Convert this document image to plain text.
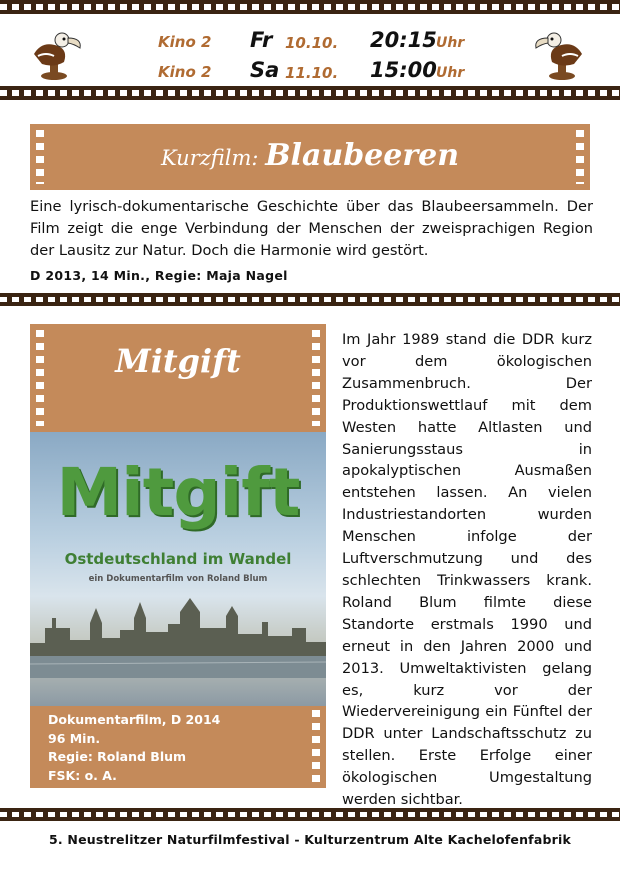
Kino 2 Fr 10.10. 20:15 Uhr
Kino 2 Sa 11.10. 15:00 Uhr
Kurzfilm: Blaubeeren
Eine lyrisch-dokumentarische Geschichte über das Blaubeersammeln. Der Film zeigt die enge Verbindung der Menschen der zweisprachigen Region der Lausitz zur Natur. Doch die Harmonie wird gestört.
D 2013, 14 Min., Regie: Maja Nagel
Mitgift
Mitgift
Ostdeutschland im Wandel
ein Dokumentarfilm von Roland Blum
Dokumentarfilm, D 2014
96 Min.
Regie: Roland Blum
FSK: o. A.
Im Jahr 1989 stand die DDR kurz vor dem ökologischen Zusammenbruch. Der Produktionswettlauf mit dem Westen hatte Altlasten und Sanierungsstaus in apokalyptischen Ausmaßen entstehen lassen. An vielen Industriestandorten wurden Menschen infolge der Luftverschmutzung und des schlechten Trinkwassers krank. Roland Blum filmte diese Standorte erstmals 1990 und erneut in den Jahren 2000 und 2013. Umweltaktivisten gelang es, kurz vor der Wiedervereinigung ein Fünftel der DDR unter Landschaftsschutz zu stellen. Erste Erfolge einer ökologischen Umgestaltung werden sichtbar.
5. Neustrelitzer Naturfilmfestival - Kulturzentrum Alte Kachelofenfabrik
